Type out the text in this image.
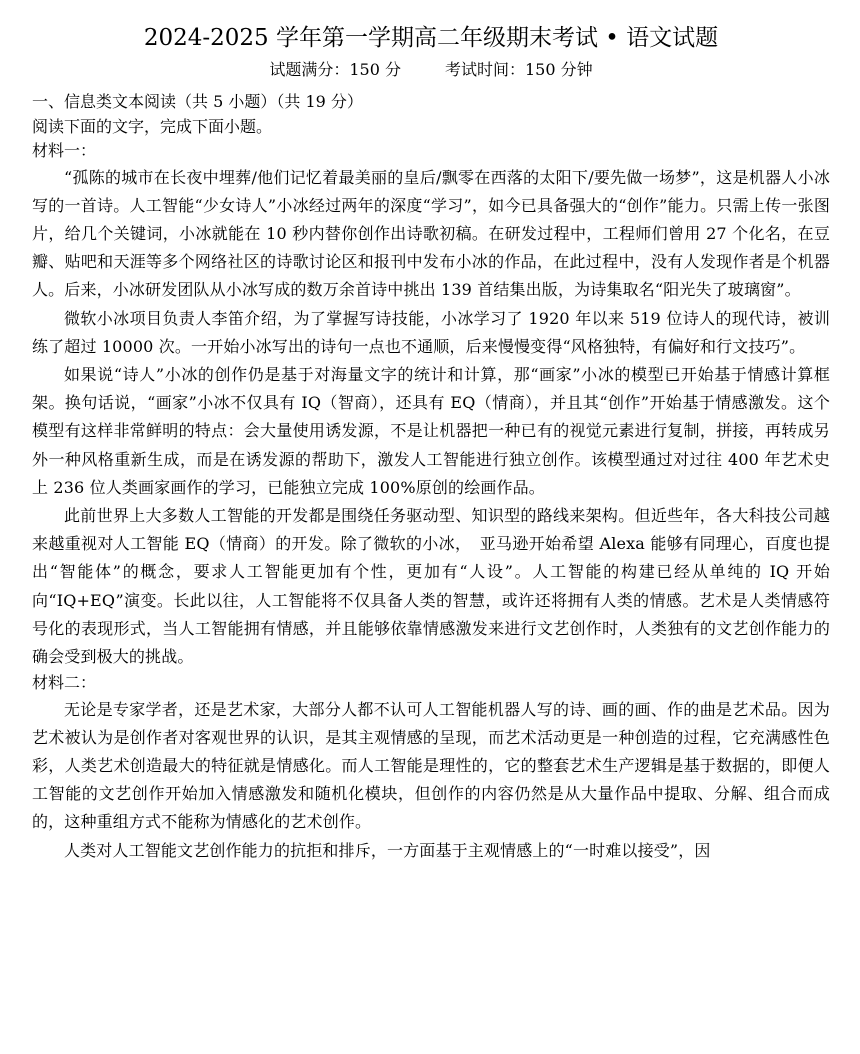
2024-2025 学年第一学期高二年级期末考试 • 语文试题
试题满分：150 分	考试时间：150 分钟

一、信息类文本阅读（共 5 小题）（共 19 分）

阅读下面的文字，完成下面小题。

材料一：

“孤陈的城市在长夜中埋葬/他们记忆着最美丽的皇后/飘零在西落的太阳下/要先做一场梦”，这是机器人小冰写的一首诗。人工智能“少女诗人”小冰经过两年的深度“学习”，如今已具备强大的“创作”能力。只需上传一张图片，给几个关键词，小冰就能在 10 秒内替你创作出诗歌初稿。在研发过程中，工程师们曾用 27 个化名，在豆瓣、贴吧和天涯等多个网络社区的诗歌讨论区和报刊中发布小冰的作品，在此过程中，没有人发现作者是个机器人。后来，小冰研发团队从小冰写成的数万余首诗中挑出 139 首结集出版，为诗集取名“阳光失了玻璃窗”。

微软小冰项目负责人李笛介绍，为了掌握写诗技能，小冰学习了 1920 年以来 519 位诗人的现代诗，被训练了超过 10000 次。一开始小冰写出的诗句一点也不通顺，后来慢慢变得“风格独特，有偏好和行文技巧”。

如果说“诗人”小冰的创作仍是基于对海量文字的统计和计算，那“画家”小冰的模型已开始基于情感计算框架。换句话说，“画家”小冰不仅具有 IQ（智商），还具有 EQ（情商），并且其“创作”开始基于情感激发。这个模型有这样非常鲜明的特点：会大量使用诱发源，不是让机器把一种已有的视觉元素进行复制，拼接，再转成另外一种风格重新生成，而是在诱发源的帮助下，激发人工智能进行独立创作。该模型通过对过往 400 年艺术史上 236 位人类画家画作的学习，已能独立完成 100%原创的绘画作品。

此前世界上大多数人工智能的开发都是围绕任务驱动型、知识型的路线来架构。但近些年，各大科技公司越来越重视对人工智能 EQ（情商）的开发。除了微软的小冰，　亚马逊开始希望 Alexa 能够有同理心，百度也提出“智能体”的概念，要求人工智能更加有个性，更加有“人设”。人工智能的构建已经从单纯的 IQ 开始向“IQ+EQ”演变。长此以往，人工智能将不仅具备人类的智慧，或许还将拥有人类的情感。艺术是人类情感符号化的表现形式，当人工智能拥有情感，并且能够依靠情感激发来进行文艺创作时，人类独有的文艺创作能力的确会受到极大的挑战。

材料二：

无论是专家学者，还是艺术家，大部分人都不认可人工智能机器人写的诗、画的画、作的曲是艺术品。因为艺术被认为是创作者对客观世界的认识，是其主观情感的呈现，而艺术活动更是一种创造的过程，它充满感性色彩，人类艺术创造最大的特征就是情感化。而人工智能是理性的，它的整套艺术生产逻辑是基于数据的，即便人工智能的文艺创作开始加入情感激发和随机化模块，但创作的内容仍然是从大量作品中提取、分解、组合而成的，这种重组方式不能称为情感化的艺术创作。

人类对人工智能文艺创作能力的抗拒和排斥，一方面基于主观情感上的“一时难以接受”，因
